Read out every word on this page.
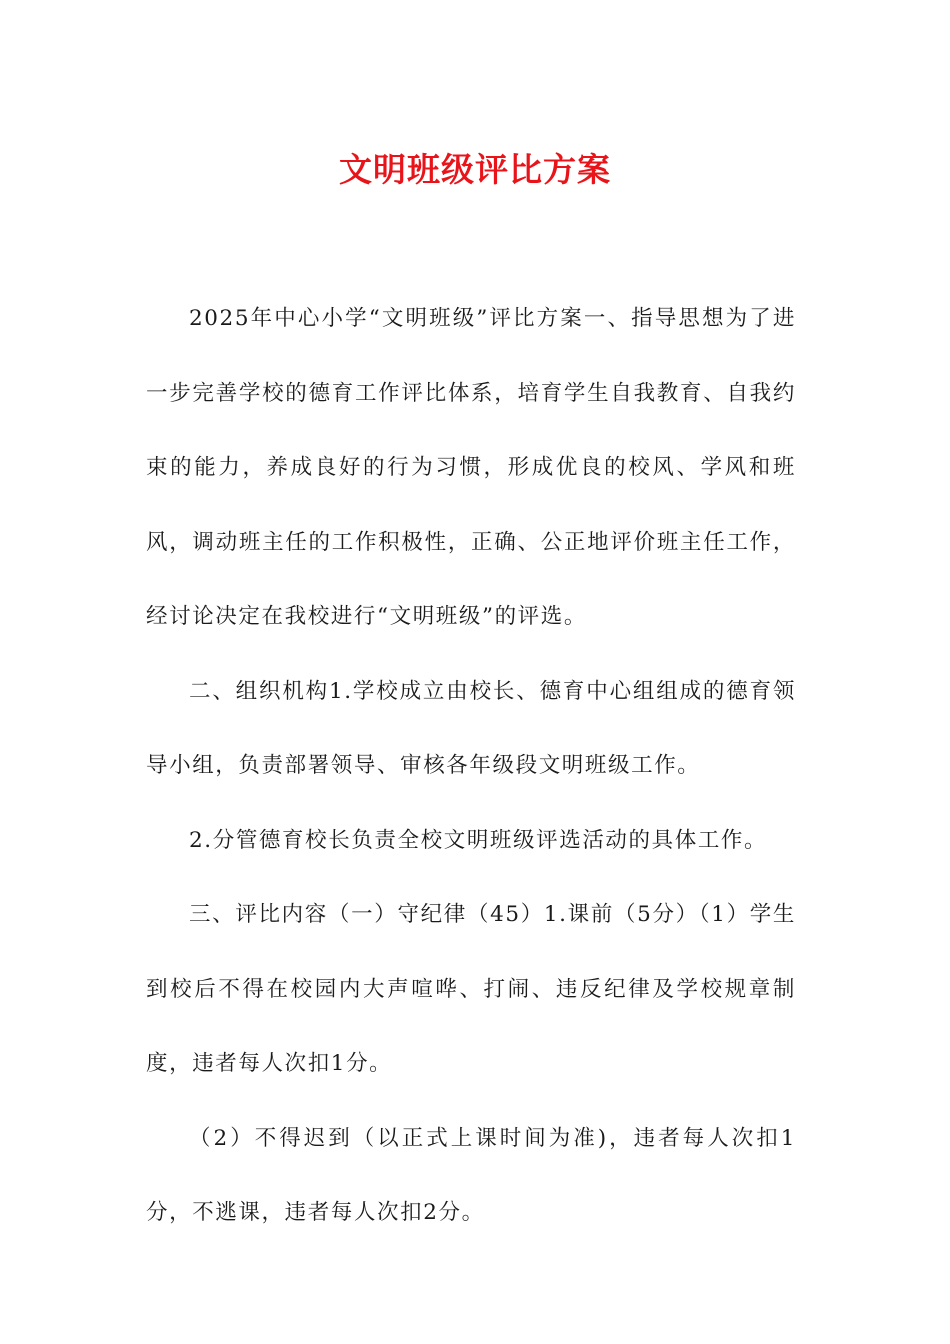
文明班级评比方案

2025年中心小学“文明班级”评比方案一、指导思想为了进一步完善学校的德育工作评比体系，培育学生自我教育、自我约束的能力，养成良好的行为习惯，形成优良的校风、学风和班风，调动班主任的工作积极性，正确、公正地评价班主任工作，经讨论决定在我校进行“文明班级”的评选。

二、组织机构1.学校成立由校长、德育中心组组成的德育领导小组，负责部署领导、审核各年级段文明班级工作。

2.分管德育校长负责全校文明班级评选活动的具体工作。

三、评比内容（一）守纪律（45）1.课前（5分）（1）学生到校后不得在校园内大声喧哗、打闹、违反纪律及学校规章制度，违者每人次扣1分。

（2）不得迟到（以正式上课时间为准)，违者每人次扣1分，不逃课，违者每人次扣2分。
